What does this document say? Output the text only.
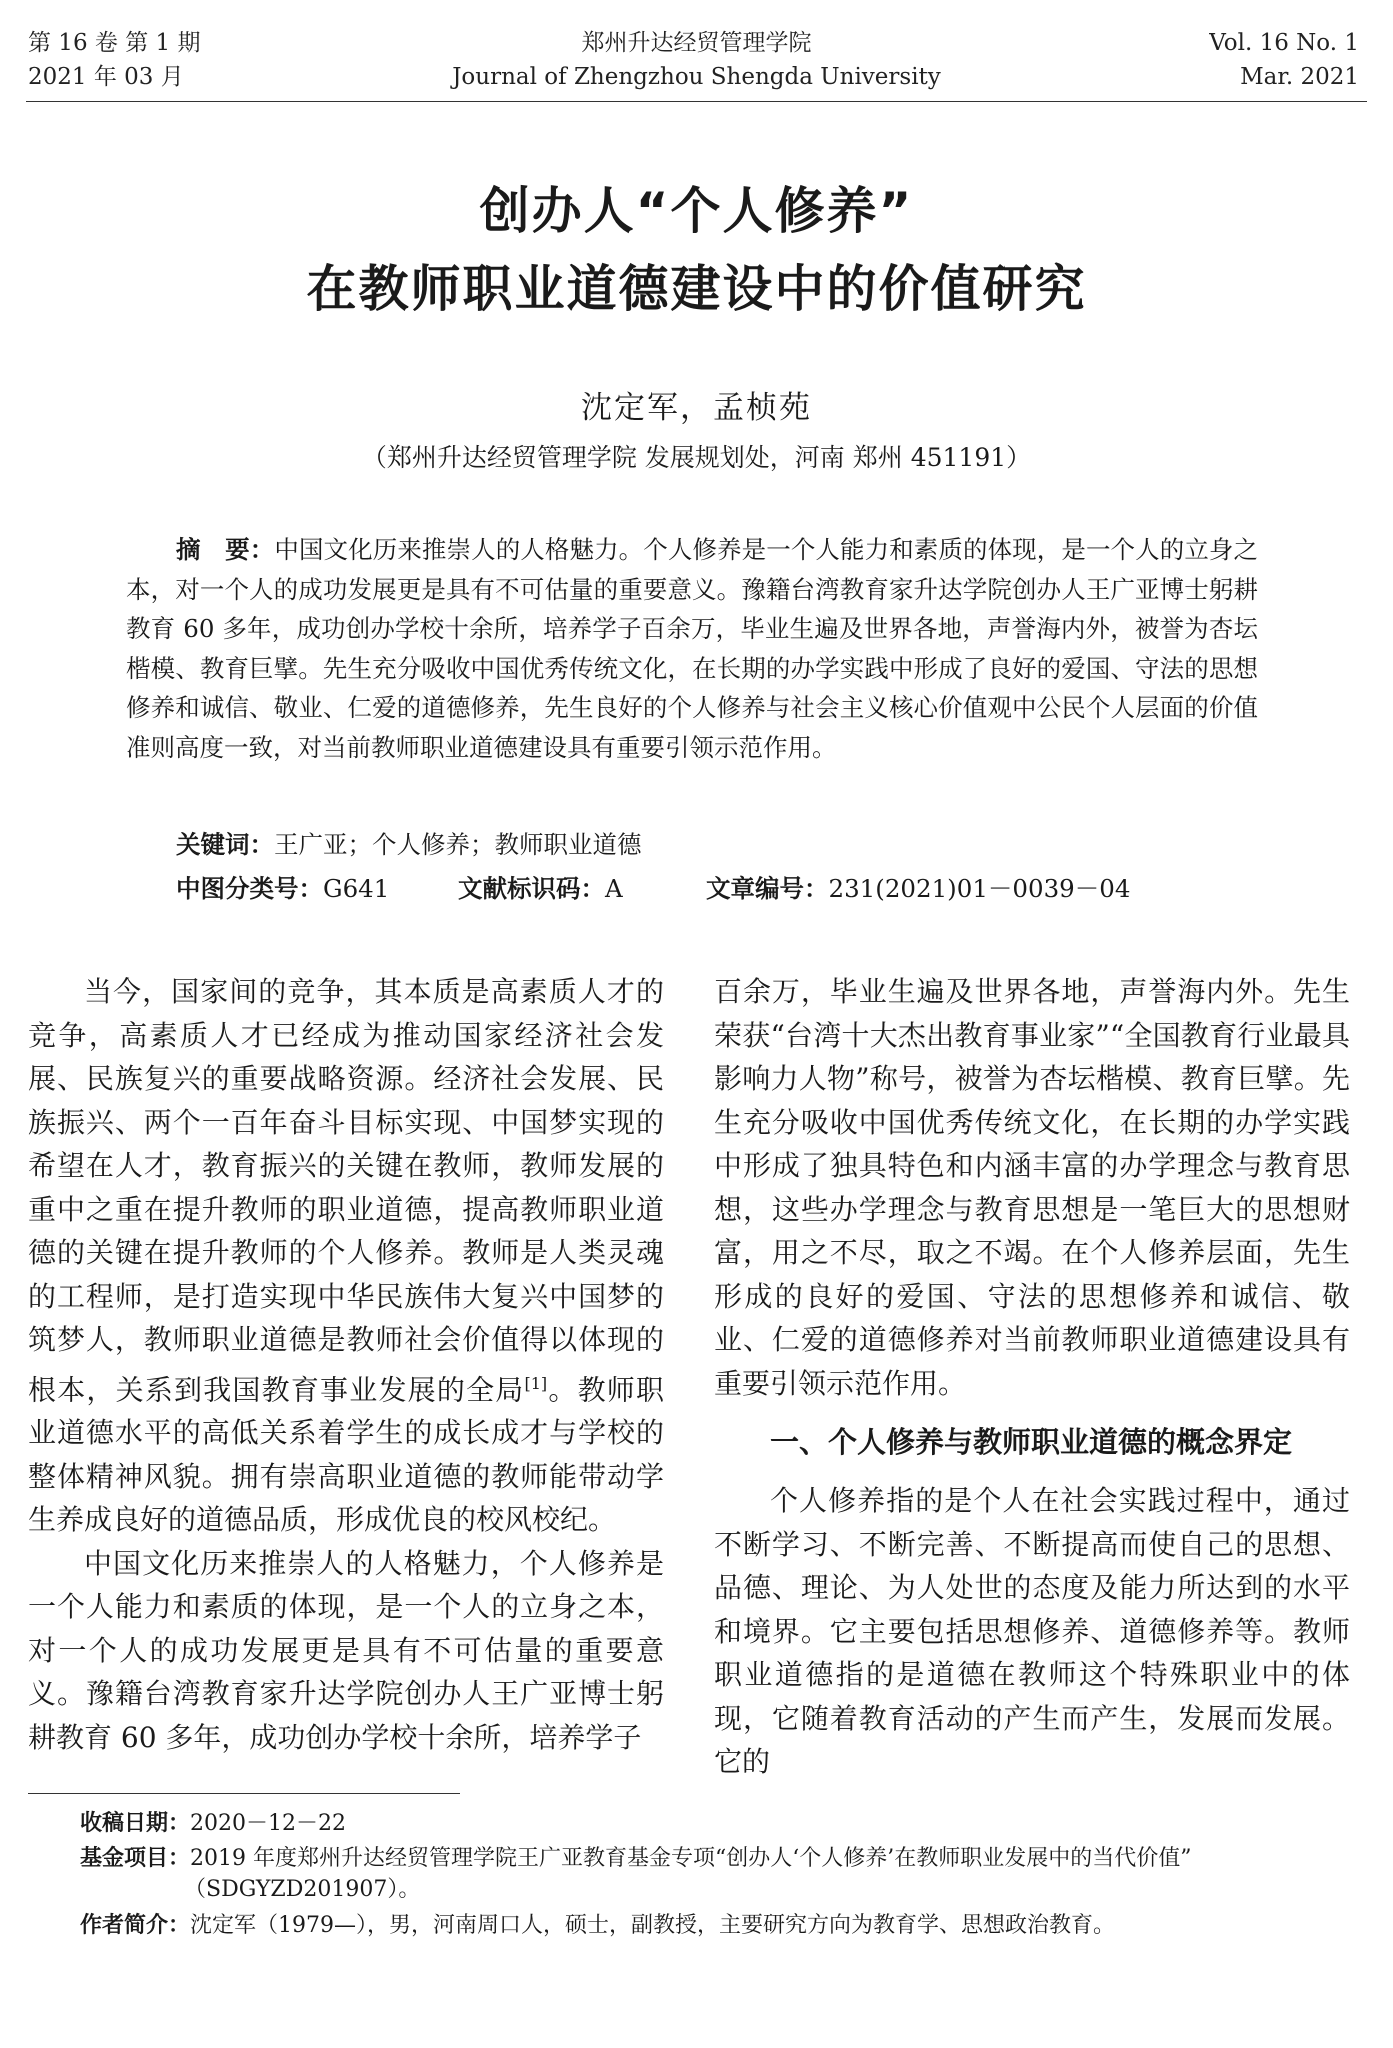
第 16 卷 第 1 期
2021 年 03 月
郑州升达经贸管理学院
Journal of Zhengzhou Shengda University
Vol. 16 No. 1
Mar. 2021
创办人“个人修养”
在教师职业道德建设中的价值研究
沈定军，孟桢苑
（郑州升达经贸管理学院 发展规划处，河南 郑州 451191）
摘　要：中国文化历来推崇人的人格魅力。个人修养是一个人能力和素质的体现，是一个人的立身之本，对一个人的成功发展更是具有不可估量的重要意义。豫籍台湾教育家升达学院创办人王广亚博士躬耕教育 60 多年，成功创办学校十余所，培养学子百余万，毕业生遍及世界各地，声誉海内外，被誉为杏坛楷模、教育巨擘。先生充分吸收中国优秀传统文化，在长期的办学实践中形成了良好的爱国、守法的思想修养和诚信、敬业、仁爱的道德修养，先生良好的个人修养与社会主义核心价值观中公民个人层面的价值准则高度一致，对当前教师职业道德建设具有重要引领示范作用。
关键词：王广亚；个人修养；教师职业道德
中图分类号：G641	文献标识码：A	文章编号：231(2021)01－0039－04

当今，国家间的竞争，其本质是高素质人才的竞争，高素质人才已经成为推动国家经济社会发展、民族复兴的重要战略资源。经济社会发展、民族振兴、两个一百年奋斗目标实现、中国梦实现的希望在人才，教育振兴的关键在教师，教师发展的重中之重在提升教师的职业道德，提高教师职业道德的关键在提升教师的个人修养。教师是人类灵魂的工程师，是打造实现中华民族伟大复兴中国梦的筑梦人，教师职业道德是教师社会价值得以体现的根本，关系到我国教育事业发展的全局[1]。教师职业道德水平的高低关系着学生的成长成才与学校的整体精神风貌。拥有崇高职业道德的教师能带动学生养成良好的道德品质，形成优良的校风校纪。

中国文化历来推崇人的人格魅力，个人修养是一个人能力和素质的体现，是一个人的立身之本，对一个人的成功发展更是具有不可估量的重要意义。豫籍台湾教育家升达学院创办人王广亚博士躬耕教育 60 多年，成功创办学校十余所，培养学子

百余万，毕业生遍及世界各地，声誉海内外。先生荣获“台湾十大杰出教育事业家”“全国教育行业最具影响力人物”称号，被誉为杏坛楷模、教育巨擘。先生充分吸收中国优秀传统文化，在长期的办学实践中形成了独具特色和内涵丰富的办学理念与教育思想，这些办学理念与教育思想是一笔巨大的思想财富，用之不尽，取之不竭。在个人修养层面，先生形成的良好的爱国、守法的思想修养和诚信、敬业、仁爱的道德修养对当前教师职业道德建设具有重要引领示范作用。

一、个人修养与教师职业道德的概念界定

个人修养指的是个人在社会实践过程中，通过不断学习、不断完善、不断提高而使自己的思想、品德、理论、为人处世的态度及能力所达到的水平和境界。它主要包括思想修养、道德修养等。教师职业道德指的是道德在教师这个特殊职业中的体现，它随着教育活动的产生而产生，发展而发展。它的

收稿日期：2020－12－22
基金项目：2019 年度郑州升达经贸管理学院王广亚教育基金专项“创办人‘个人修养’在教师职业发展中的当代价值”
（SDGYZD201907）。
作者简介：沈定军（1979—），男，河南周口人，硕士，副教授，主要研究方向为教育学、思想政治教育。
